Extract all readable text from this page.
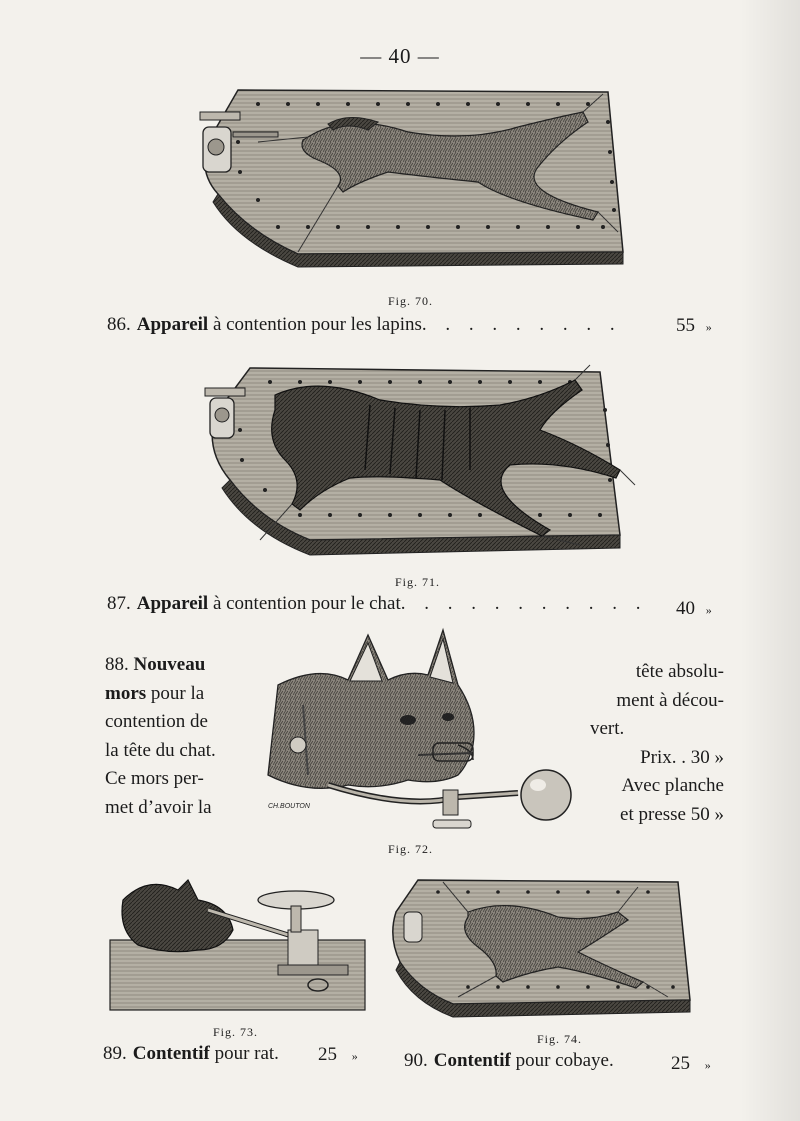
— 40 —
Fig. 70.
86. Appareil à contention pour les lapins. . . . . . . . .	55 »
Fig. 71.
87. Appareil à contention pour le chat. . . . . . . . . . . 40 »

88. Nouveau

mors pour la

contention de

la tête du chat.

Ce mors per-

met d’avoir la	CH.BOUTON
Fig. 72.

tête absolu-

ment à décou-

vert.

Prix. . 30 »

Avec planche

et presse 50 »

Fig. 73.	Fig. 74.
89. Contentif pour rat. 25 » 90. Contentif pour cobaye.	25 »
